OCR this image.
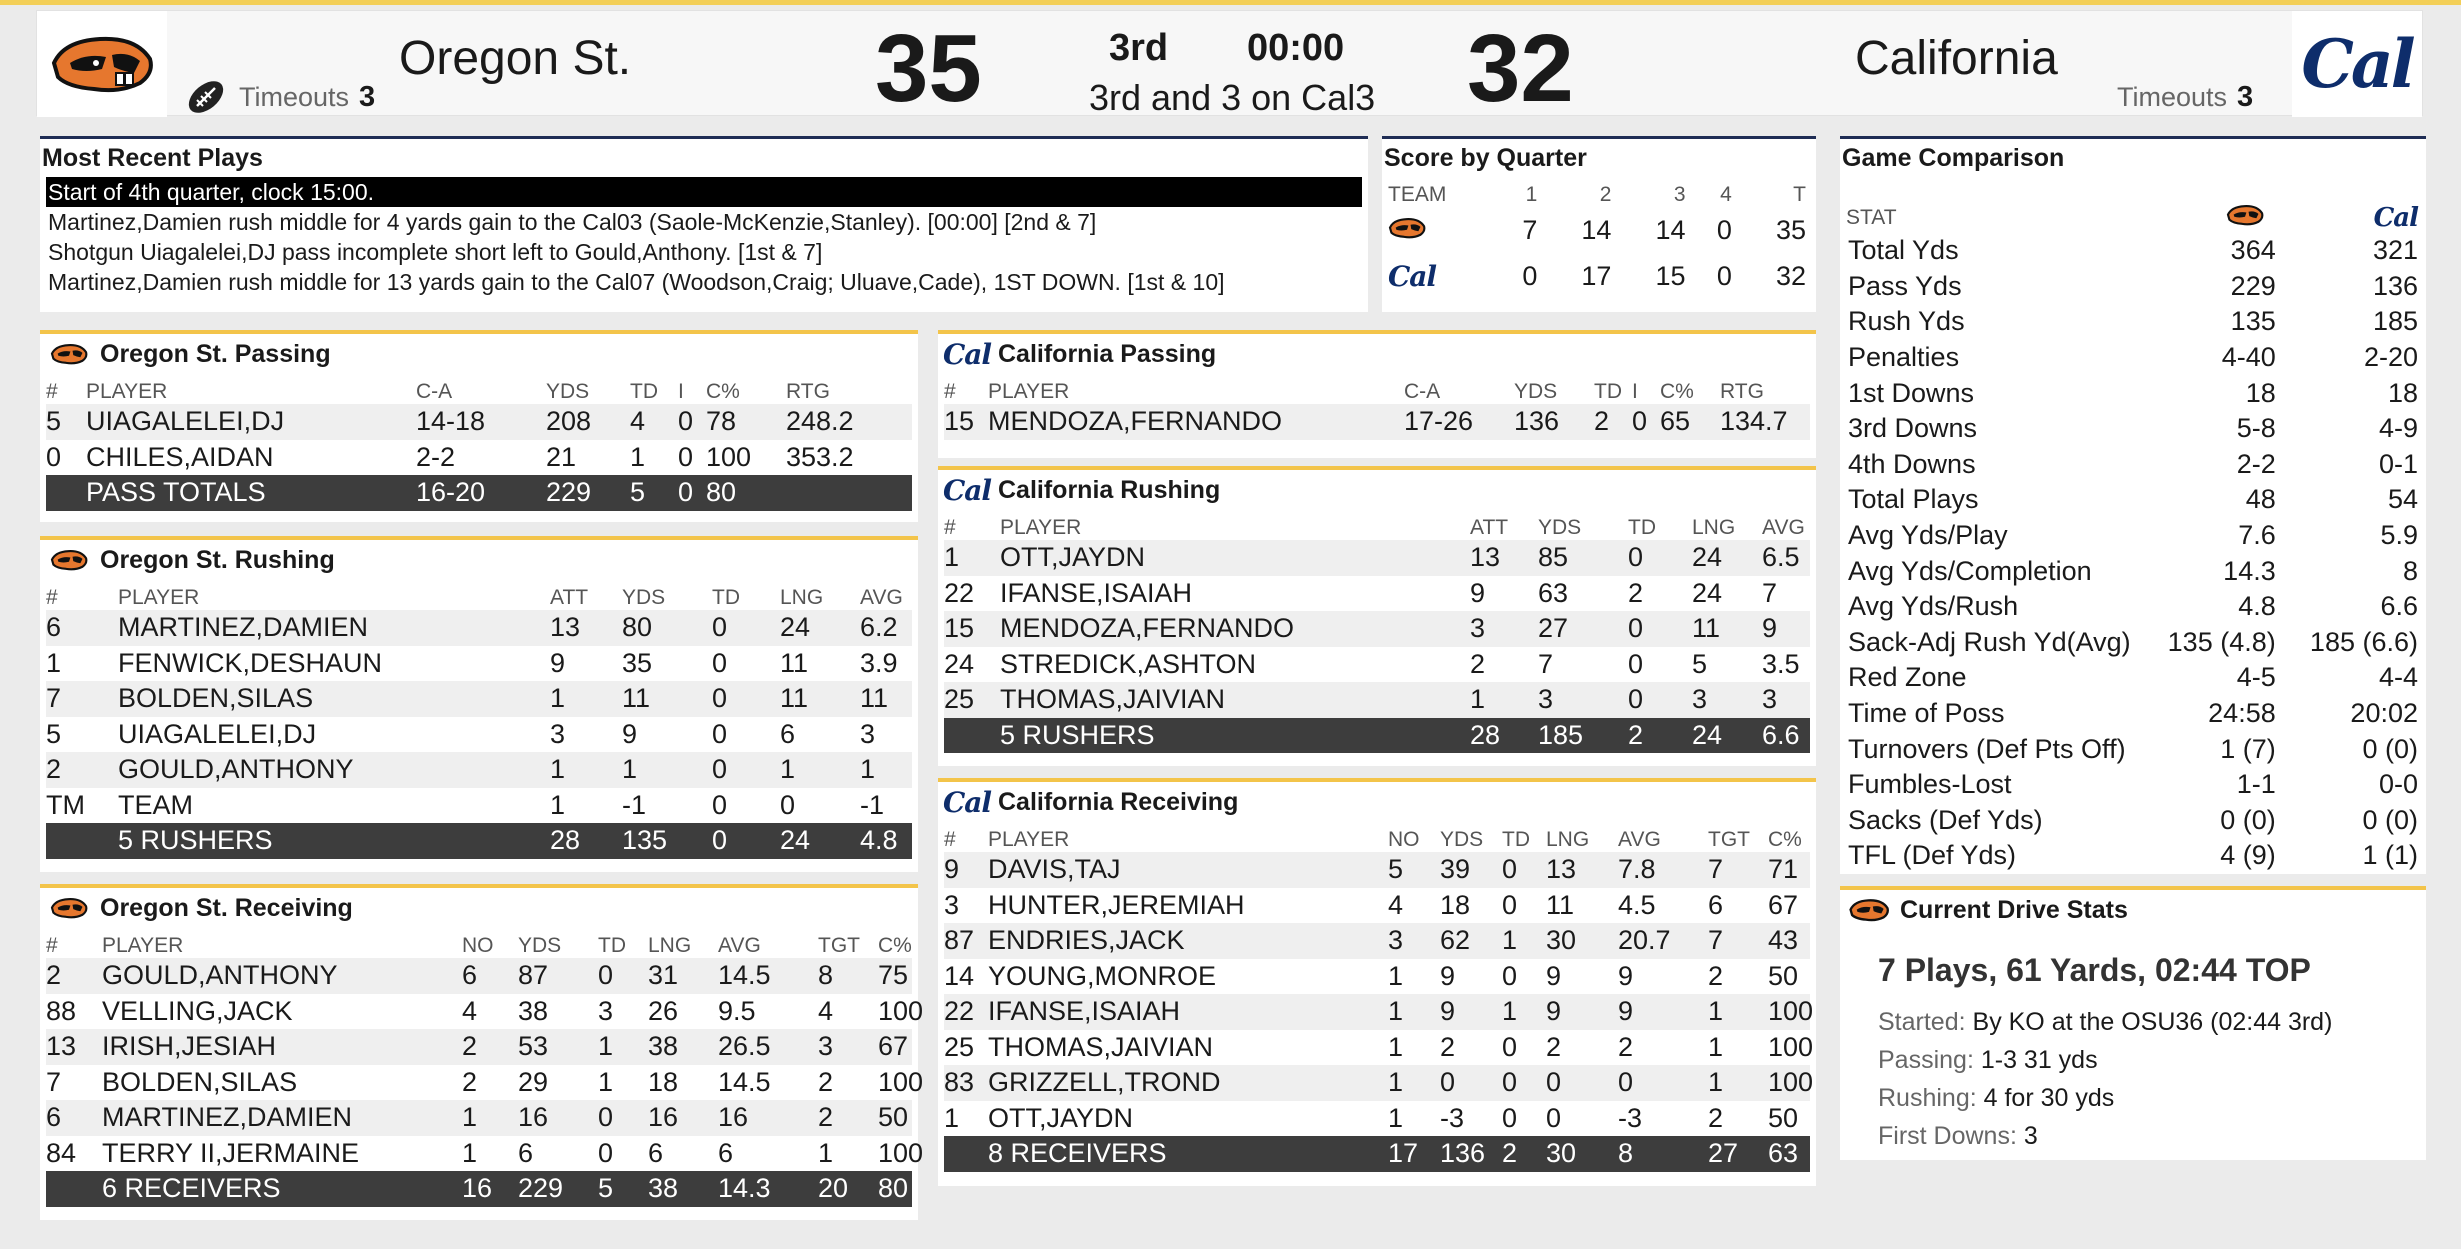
Oregon St.
Timeouts 3	35	3rd 00:00
3rd and 3 on Cal3 32	California
Timeouts 3 Cal
Most Recent Plays
Start of 4th quarter, clock 15:00.
Martinez,Damien rush middle for 4 yards gain to the Cal03 (Saole-McKenzie,Stanley). [00:00] [2nd & 7]
Shotgun Uiagalelei,DJ pass incomplete short left to Gould,Anthony. [1st & 7]
Martinez,Damien rush middle for 13 yards gain to the Cal07 (Woodson,Craig; Uluave,Cade), 1ST DOWN. [1st & 10]
Score by Quarter
TEAM	1	2	3	4	T
	7	14	14	0	35
Cal	0	17	15	0	32
Game Comparison
STAT		Cal
Total Yds	364	321
Pass Yds	229	136
Rush Yds	135	185
Penalties	4-40	2-20
1st Downs	18	18
3rd Downs	5-8	4-9
4th Downs	2-2	0-1
Total Plays	48	54
Avg Yds/Play	7.6	5.9
Avg Yds/Completion	14.3	8
Avg Yds/Rush	4.8	6.6
Sack-Adj Rush Yd(Avg)	135 (4.8)	185 (6.6)
Red Zone	4-5	4-4
Time of Poss	24:58	20:02
Turnovers (Def Pts Off)	1 (7)	0 (0)
Fumbles-Lost	1-1	0-0
Sacks (Def Yds)	0 (0)	0 (0)
TFL (Def Yds)	4 (9)	1 (1)
Current Drive Stats
7 Plays, 61 Yards, 02:44 TOP
Started: By KO at the OSU36 (02:44 3rd)
Passing: 1-3 31 yds
Rushing: 4 for 30 yds
First Downs: 3
Oregon St. Passing
#	PLAYER	C-A	YDS	TD	I	C%	RTG
5	UIAGALELEI,DJ	14-18	208	4	0	78	248.2
0	CHILES,AIDAN	2-2	21	1	0	100	353.2
	PASS TOTALS	16-20	229	5	0	80	
Oregon St. Rushing
#	PLAYER	ATT	YDS	TD	LNG	AVG
6	MARTINEZ,DAMIEN	13	80	0	24	6.2
1	FENWICK,DESHAUN	9	35	0	11	3.9
7	BOLDEN,SILAS	1	11	0	11	11
5	UIAGALELEI,DJ	3	9	0	6	3
2	GOULD,ANTHONY	1	1	0	1	1
TM	TEAM	1	-1	0	0	-1
	5 RUSHERS	28	135	0	24	4.8
Oregon St. Receiving
#	PLAYER	NO	YDS	TD	LNG	AVG	TGT	C%
2	GOULD,ANTHONY	6	87	0	31	14.5	8	75
88	VELLING,JACK	4	38	3	26	9.5	4	100
13	IRISH,JESIAH	2	53	1	38	26.5	3	67
7	BOLDEN,SILAS	2	29	1	18	14.5	2	100
6	MARTINEZ,DAMIEN	1	16	0	16	16	2	50
84	TERRY II,JERMAINE	1	6	0	6	6	1	100
	6 RECEIVERS	16	229	5	38	14.3	20	80
Cal California Passing
#	PLAYER	C-A	YDS	TD	I	C%	RTG
15	MENDOZA,FERNANDO	17-26	136	2	0	65	134.7
Cal California Rushing
#	PLAYER	ATT	YDS	TD	LNG	AVG
1	OTT,JAYDN	13	85	0	24	6.5
22	IFANSE,ISAIAH	9	63	2	24	7
15	MENDOZA,FERNANDO	3	27	0	11	9
24	STREDICK,ASHTON	2	7	0	5	3.5
25	THOMAS,JAIVIAN	1	3	0	3	3
	5 RUSHERS	28	185	2	24	6.6
Cal California Receiving
#	PLAYER	NO	YDS	TD	LNG	AVG	TGT	C%
9	DAVIS,TAJ	5	39	0	13	7.8	7	71
3	HUNTER,JEREMIAH	4	18	0	11	4.5	6	67
87	ENDRIES,JACK	3	62	1	30	20.7	7	43
14	YOUNG,MONROE	1	9	0	9	9	2	50
22	IFANSE,ISAIAH	1	9	1	9	9	1	100
25	THOMAS,JAIVIAN	1	2	0	2	2	1	100
83	GRIZZELL,TROND	1	0	0	0	0	1	100
1	OTT,JAYDN	1	-3	0	0	-3	2	50
	8 RECEIVERS	17	136	2	30	8	27	63
